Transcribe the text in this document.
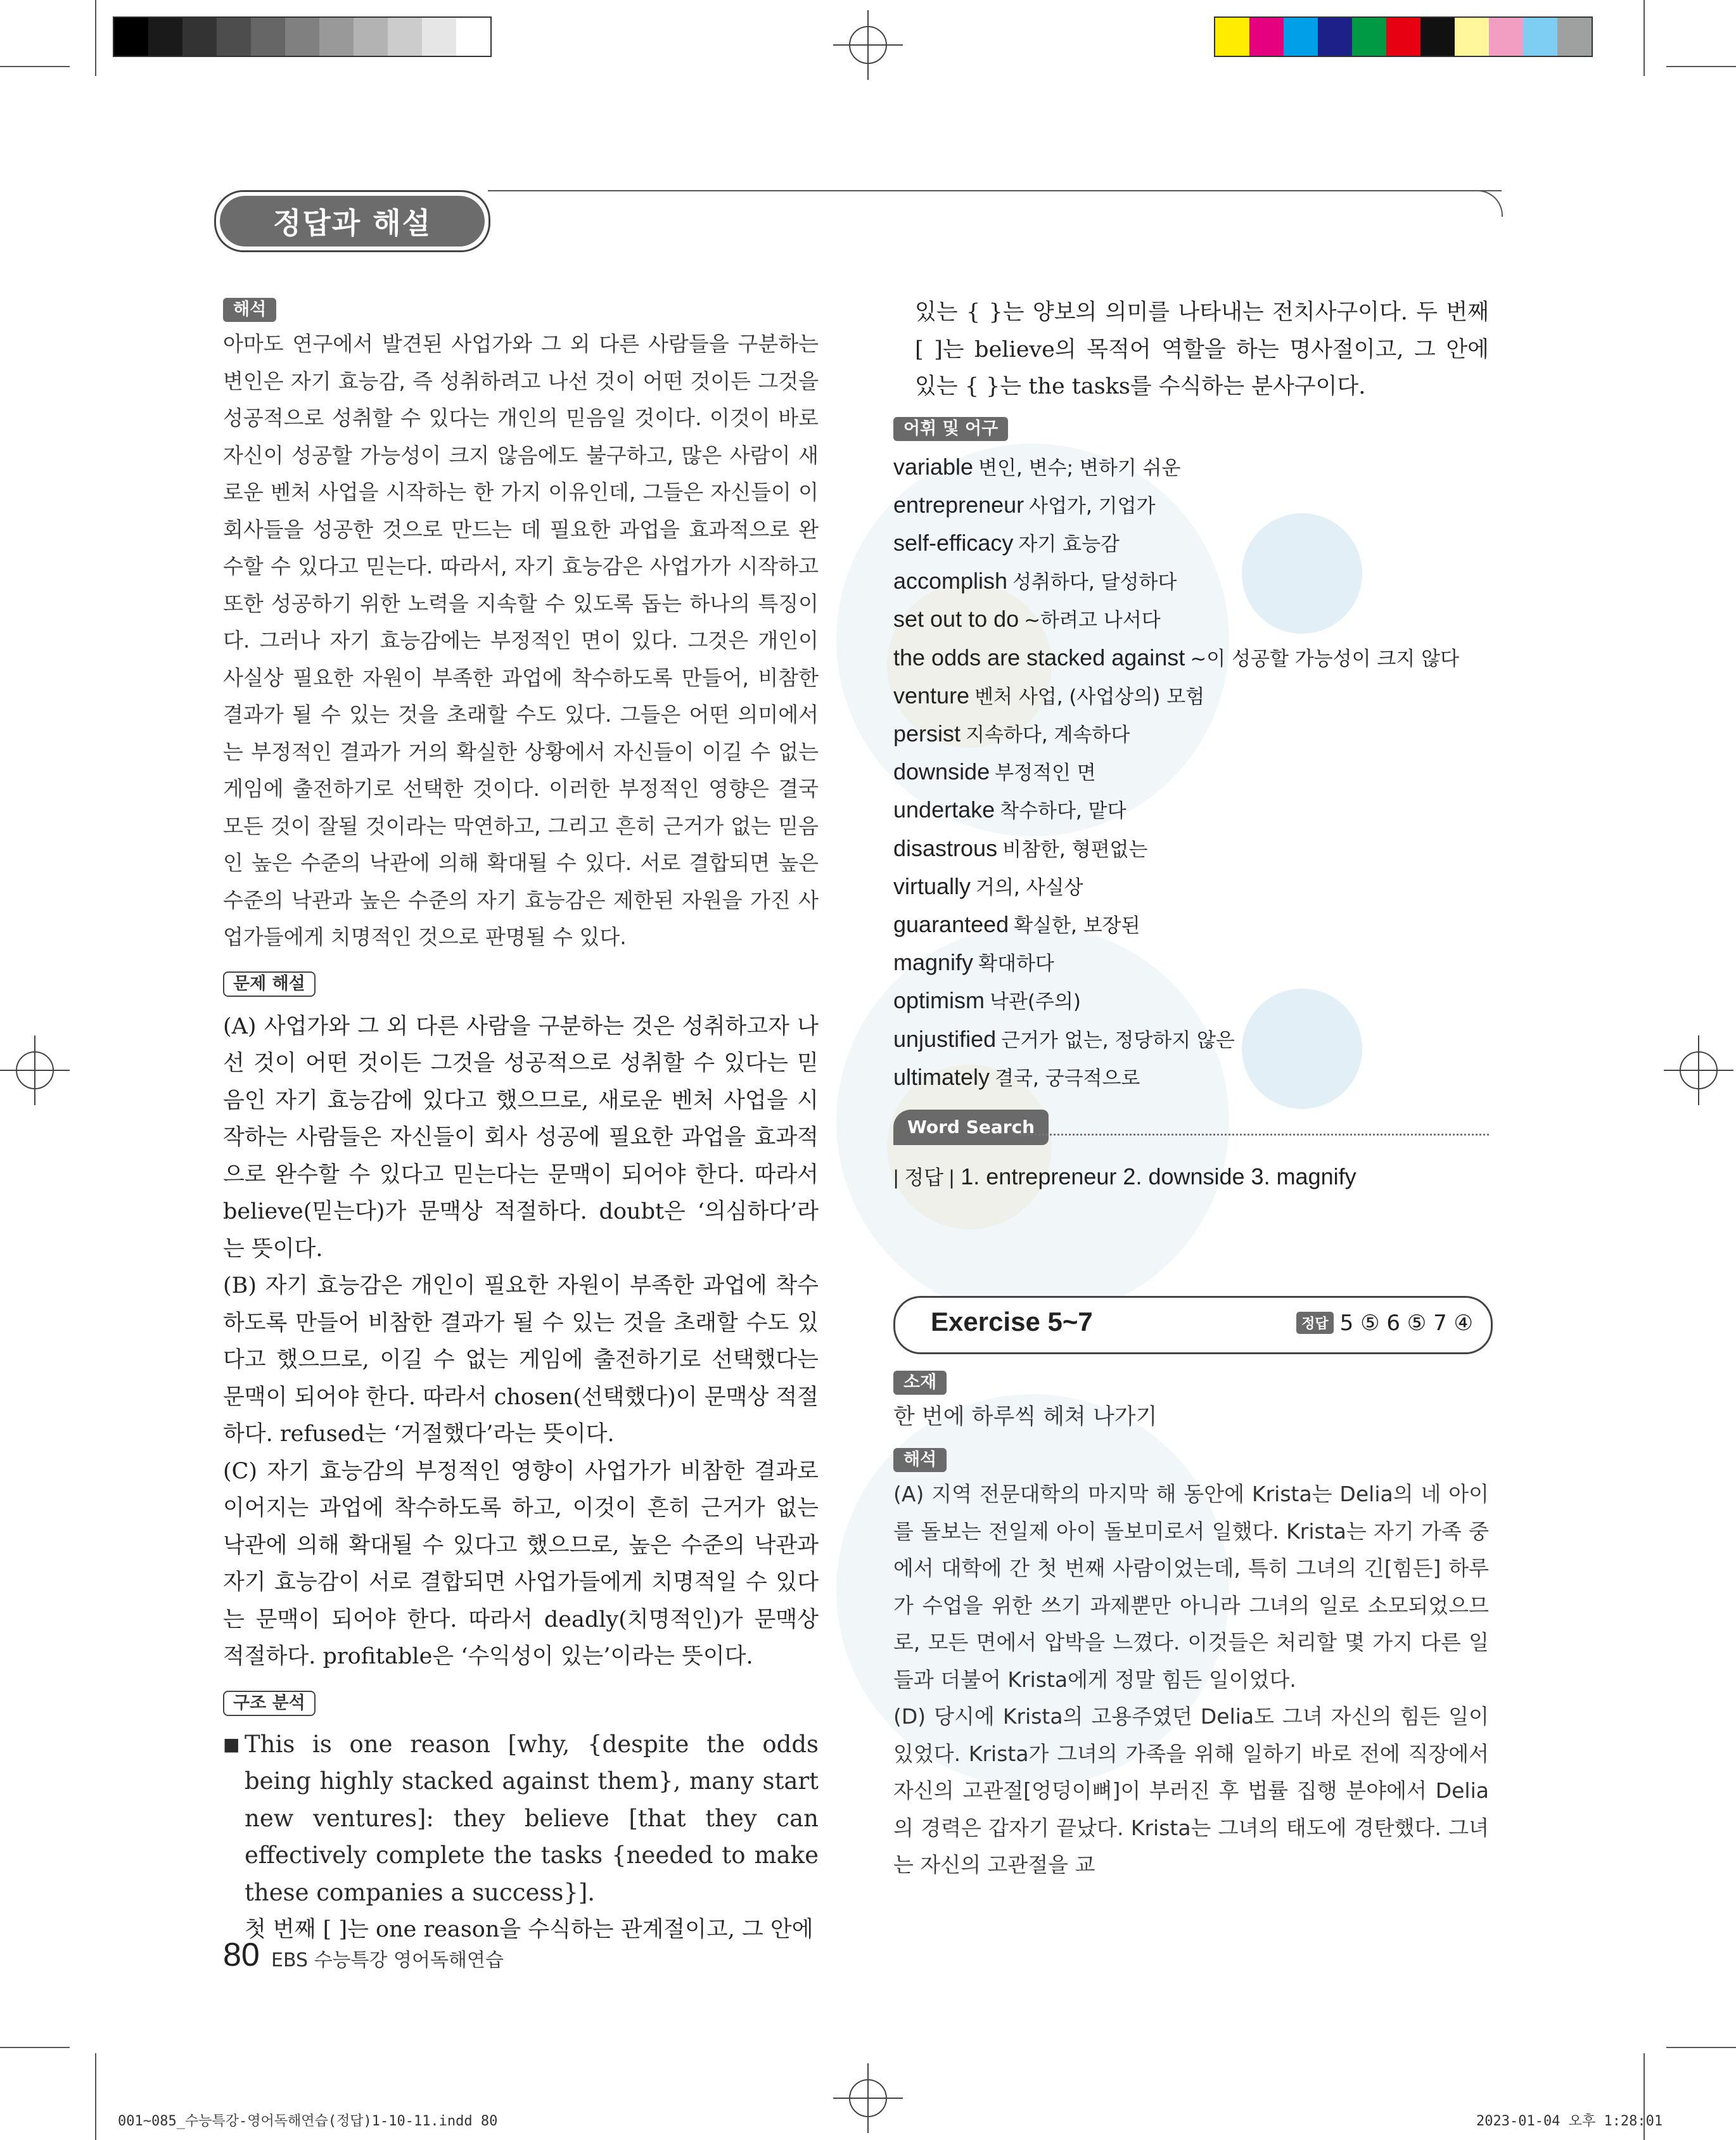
정답과 해설
해석

아마도 연구에서 발견된 사업가와 그 외 다른 사람들을 구분하는 변인은 자기 효능감, 즉 성취하려고 나선 것이 어떤 것이든 그것을 성공적으로 성취할 수 있다는 개인의 믿음일 것이다. 이것이 바로 자신이 성공할 가능성이 크지 않음에도 불구하고, 많은 사람이 새로운 벤처 사업을 시작하는 한 가지 이유인데, 그들은 자신들이 이 회사들을 성공한 것으로 만드는 데 필요한 과업을 효과적으로 완수할 수 있다고 믿는다. 따라서, 자기 효능감은 사업가가 시작하고 또한 성공하기 위한 노력을 지속할 수 있도록 돕는 하나의 특징이다. 그러나 자기 효능감에는 부정적인 면이 있다. 그것은 개인이 사실상 필요한 자원이 부족한 과업에 착수하도록 만들어, 비참한 결과가 될 수 있는 것을 초래할 수도 있다. 그들은 어떤 의미에서는 부정적인 결과가 거의 확실한 상황에서 자신들이 이길 수 없는 게임에 출전하기로 선택한 것이다. 이러한 부정적인 영향은 결국 모든 것이 잘될 것이라는 막연하고, 그리고 흔히 근거가 없는 믿음인 높은 수준의 낙관에 의해 확대될 수 있다. 서로 결합되면 높은 수준의 낙관과 높은 수준의 자기 효능감은 제한된 자원을 가진 사업가들에게 치명적인 것으로 판명될 수 있다.

문제 해설

(A) 사업가와 그 외 다른 사람을 구분하는 것은 성취하고자 나선 것이 어떤 것이든 그것을 성공적으로 성취할 수 있다는 믿음인 자기 효능감에 있다고 했으므로, 새로운 벤처 사업을 시작하는 사람들은 자신들이 회사 성공에 필요한 과업을 효과적으로 완수할 수 있다고 믿는다는 문맥이 되어야 한다. 따라서 believe(믿는다)가 문맥상 적절하다. doubt은 ‘의심하다’라는 뜻이다.

(B) 자기 효능감은 개인이 필요한 자원이 부족한 과업에 착수하도록 만들어 비참한 결과가 될 수 있는 것을 초래할 수도 있다고 했으므로, 이길 수 없는 게임에 출전하기로 선택했다는 문맥이 되어야 한다. 따라서 chosen(선택했다)이 문맥상 적절하다. refused는 ‘거절했다’라는 뜻이다.

(C) 자기 효능감의 부정적인 영향이 사업가가 비참한 결과로 이어지는 과업에 착수하도록 하고, 이것이 흔히 근거가 없는 낙관에 의해 확대될 수 있다고 했으므로, 높은 수준의 낙관과 자기 효능감이 서로 결합되면 사업가들에게 치명적일 수 있다는 문맥이 되어야 한다. 따라서 deadly(치명적인)가 문맥상 적절하다. profitable은 ‘수익성이 있는’이라는 뜻이다.

구조 분석
■ This is one reason [why, {despite the odds being highly stacked against them}, many start new ventures]: they believe [that they can effectively complete the tasks {needed to make these companies a success}].

첫 번째 [ ]는 one reason을 수식하는 관계절이고, 그 안에

있는 { }는 양보의 의미를 나타내는 전치사구이다. 두 번째 [ ]는 believe의 목적어 역할을 하는 명사절이고, 그 안에 있는 { }는 the tasks를 수식하는 분사구이다.

어휘 및 어구
variable 변인, 변수; 변하기 쉬운
entrepreneur 사업가, 기업가
self-efficacy 자기 효능감
accomplish 성취하다, 달성하다
set out to do ~하려고 나서다
the odds are stacked against ~이 성공할 가능성이 크지 않다
venture 벤처 사업, (사업상의) 모험
persist 지속하다, 계속하다
downside 부정적인 면
undertake 착수하다, 맡다
disastrous 비참한, 형편없는
virtually 거의, 사실상
guaranteed 확실한, 보장된
magnify 확대하다
optimism 낙관(주의)
unjustified 근거가 없는, 정당하지 않은
ultimately 결국, 궁극적으로
Word Search
| 정답 | 1. entrepreneur 2. downside 3. magnify
Exercise 5~7	정답 5 ⑤ 6 ⑤ 7 ④
소재

한 번에 하루씩 헤쳐 나가기

해석

(A) 지역 전문대학의 마지막 해 동안에 Krista는 Delia의 네 아이를 돌보는 전일제 아이 돌보미로서 일했다. Krista는 자기 가족 중에서 대학에 간 첫 번째 사람이었는데, 특히 그녀의 긴[힘든] 하루가 수업을 위한 쓰기 과제뿐만 아니라 그녀의 일로 소모되었으므로, 모든 면에서 압박을 느꼈다. 이것들은 처리할 몇 가지 다른 일들과 더불어 Krista에게 정말 힘든 일이었다.

(D) 당시에 Krista의 고용주였던 Delia도 그녀 자신의 힘든 일이 있었다. Krista가 그녀의 가족을 위해 일하기 바로 전에 직장에서 자신의 고관절[엉덩이뼈]이 부러진 후 법률 집행 분야에서 Delia의 경력은 갑자기 끝났다. Krista는 그녀의 태도에 경탄했다. 그녀는 자신의 고관절을 교

80 EBS 수능특강 영어독해연습
001~085_수능특강-영어독해연습(정답)1-10-11.indd 80	2023-01-04 오후 1:28:01
